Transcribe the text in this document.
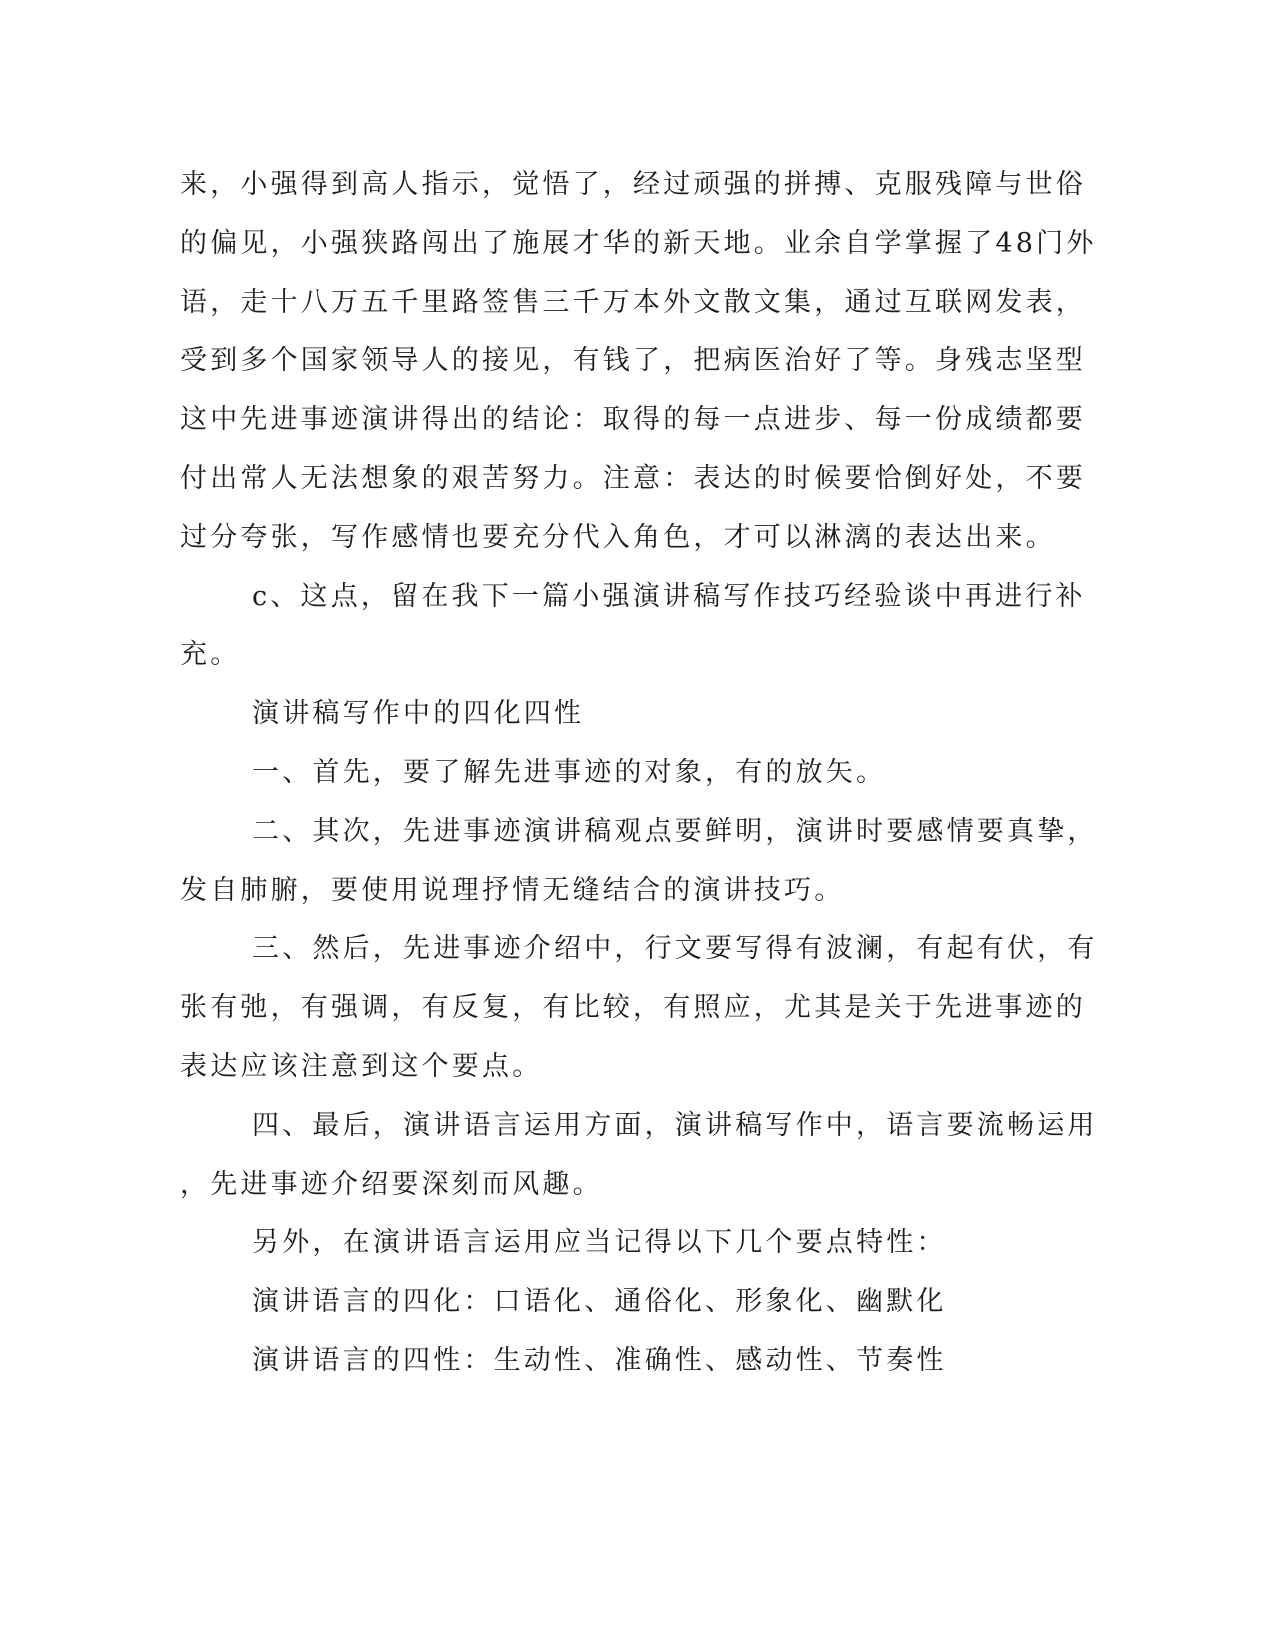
来，小强得到高人指示，觉悟了，经过顽强的拼搏、克服残障与世俗
的偏见，小强狭路闯出了施展才华的新天地。业余自学掌握了48门外
语，走十八万五千里路签售三千万本外文散文集，通过互联网发表，
受到多个国家领导人的接见，有钱了，把病医治好了等。身残志坚型
这中先进事迹演讲得出的结论：取得的每一点进步、每一份成绩都要
付出常人无法想象的艰苦努力。注意：表达的时候要恰倒好处，不要
过分夸张，写作感情也要充分代入角色，才可以淋漓的表达出来。
c、这点，留在我下一篇小强演讲稿写作技巧经验谈中再进行补
充。
演讲稿写作中的四化四性
一、首先，要了解先进事迹的对象，有的放矢。
二、其次，先进事迹演讲稿观点要鲜明，演讲时要感情要真挚，
发自肺腑，要使用说理抒情无缝结合的演讲技巧。
三、然后，先进事迹介绍中，行文要写得有波澜，有起有伏，有
张有弛，有强调，有反复，有比较，有照应，尤其是关于先进事迹的
表达应该注意到这个要点。
四、最后，演讲语言运用方面，演讲稿写作中，语言要流畅运用
，先进事迹介绍要深刻而风趣。
另外，在演讲语言运用应当记得以下几个要点特性：
演讲语言的四化：口语化、通俗化、形象化、幽默化
演讲语言的四性：生动性、准确性、感动性、节奏性
